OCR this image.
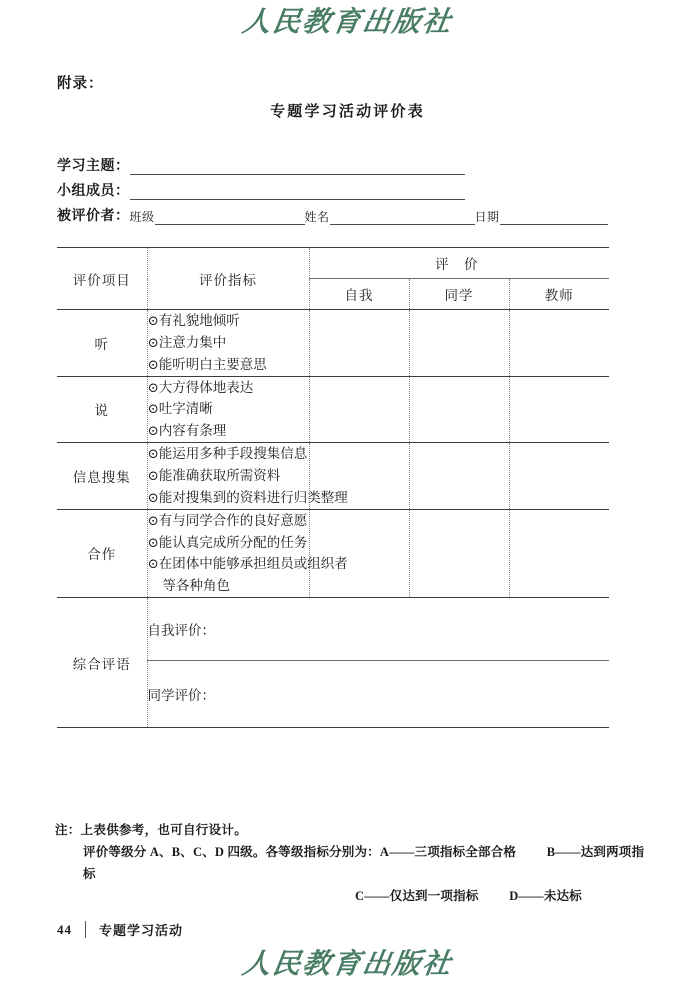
人民教育出版社
附录：
专题学习活动评价表
学习主题：
小组成员：
被评价者： 班级	姓名	日期
评价项目	评价指标	评 价		
		自我	同学	教师
听	⊙有礼貌地倾听
⊙注意力集中
⊙能听明白主要意思			

说	⊙大方得体地表达
⊙吐字清晰
⊙内容有条理			

信息搜集	⊙能运用多种手段搜集信息
⊙能准确获取所需资料
⊙能对搜集到的资料进行归类整理			

合作	⊙有与同学合作的良好意愿
⊙能认真完成所分配的任务
⊙在团体中能够承担组员或组织者
等各种角色			

综合评语	自我评价：			
	同学评价：			
注：上表供参考，也可自行设计。
评价等级分 A、B、C、D 四级。各等级指标分别为：A——三项指标全部合格 B——达到两项指标
C——仅达到一项指标 D——未达标
44 专题学习活动
人民教育出版社
